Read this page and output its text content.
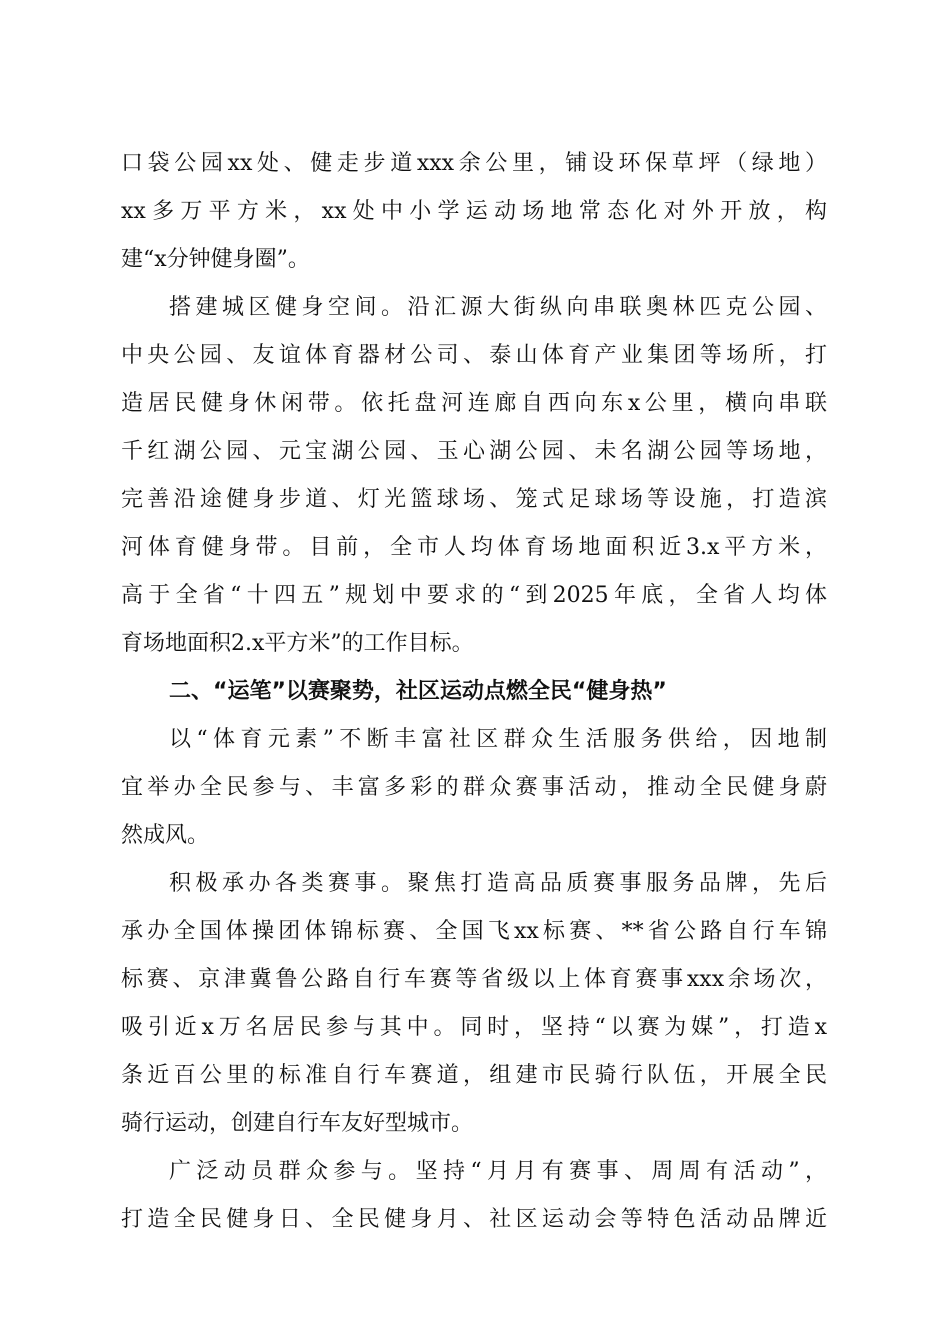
口袋公园xx处、健走步道xxx余公里，铺设环保草坪（绿地）
xx多万平方米，xx处中小学运动场地常态化对外开放，构
建“x分钟健身圈”。
搭建城区健身空间。沿汇源大街纵向串联奥林匹克公园、
中央公园、友谊体育器材公司、泰山体育产业集团等场所，打
造居民健身休闲带。依托盘河连廊自西向东x公里，横向串联
千红湖公园、元宝湖公园、玉心湖公园、未名湖公园等场地，
完善沿途健身步道、灯光篮球场、笼式足球场等设施，打造滨
河体育健身带。目前，全市人均体育场地面积近3.x平方米，
高于全省“十四五”规划中要求的“到2025年底，全省人均体
育场地面积2.x平方米”的工作目标。
二、“运笔”以赛聚势，社区运动点燃全民“健身热”
以“体育元素”不断丰富社区群众生活服务供给，因地制
宜举办全民参与、丰富多彩的群众赛事活动，推动全民健身蔚
然成风。
积极承办各类赛事。聚焦打造高品质赛事服务品牌，先后
承办全国体操团体锦标赛、全国飞xx标赛、**省公路自行车锦
标赛、京津冀鲁公路自行车赛等省级以上体育赛事xxx余场次，
吸引近x万名居民参与其中。同时，坚持“以赛为媒”，打造x
条近百公里的标准自行车赛道，组建市民骑行队伍，开展全民
骑行运动，创建自行车友好型城市。
广泛动员群众参与。坚持“月月有赛事、周周有活动”，
打造全民健身日、全民健身月、社区运动会等特色活动品牌近
